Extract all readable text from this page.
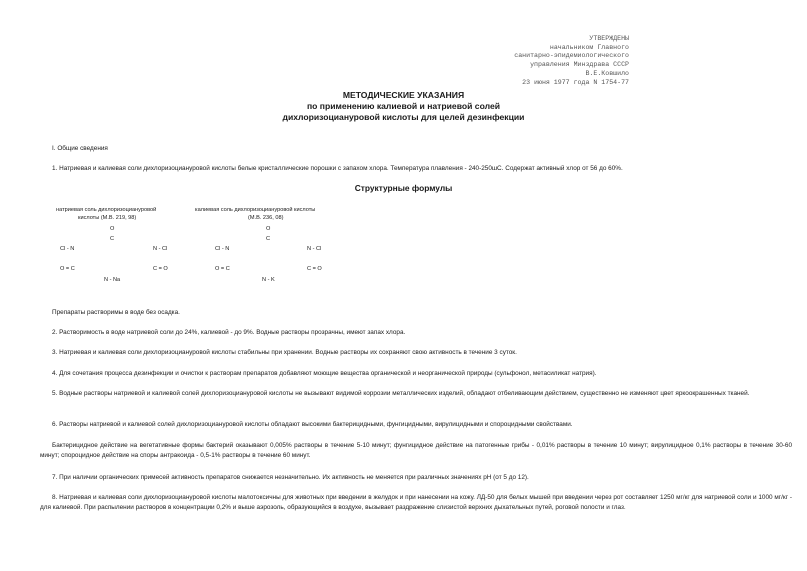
УТВЕРЖДЕНЫ
начальником Главного
санитарно-эпидемиологического
управления Минздрава СССР
В.Е.Ковшило
23 июня 1977 года N 1754-77
МЕТОДИЧЕСКИЕ УКАЗАНИЯ
по применению калиевой и натриевой солей
дихлоризоциануровой кислоты для целей дезинфекции
I. Общие сведения
1. Натриевая и калиевая соли дихлоризоциануровой кислоты белые кристаллические порошки с запахом хлора. Температура плавления - 240-250шС. Содержат активный хлор от 56 до 60%.
Структурные формулы
натриевая соль дихлоризоциануровой
кислоты (М.В. 219, 98)
O
C
Cl - N	N - Cl
O = C	C = O
N - Na
калиевая соль дихлоризоциануровой кислоты
(М.В. 236, 08)
O
C
Cl - N	N - Cl
O = C	C = O
N - K
Препараты растворимы в воде без осадка.
2. Растворимость в воде натриевой соли до 24%, калиевой - до 9%. Водные растворы прозрачны, имеют запах хлора.
3. Натриевая и калиевая соли дихлоризоциануровой кислоты стабильны при хранении. Водные растворы их сохраняют свою активность в течение 3 суток.
4. Для сочетания процесса дезинфекции и очистки к растворам препаратов добавляют моющие вещества органической и неорганической природы (сульфонол, метасиликат натрия).
5. Водные растворы натриевой и калиевой солей дихлоризоциануровой кислоты не вызывают видимой коррозии металлических изделий, обладают отбеливающим действием, существенно не изменяют цвет яркоокрашенных тканей.
6. Растворы натриевой и калиевой солей дихлоризоциануровой кислоты обладают высокими бактерицидными, фунгицидными, вирулицидными и спороцидными свойствами.
Бактерицидное действие на вегетативные формы бактерий оказывают 0,005% растворы в течение 5-10 минут; фунгицидное действие на патогенные грибы - 0,01% растворы в течение 10 минут; вирулицидное 0,1% растворы в течение 30-60 минут; спороцидное действие на споры антракоида - 0,5-1% растворы в течение 60 минут.
7. При наличии органических примесей активность препаратов снижается незначительно. Их активность не меняется при различных значениях pH (от 5 до 12).
8. Натриевая и калиевая соли дихлоризоциануровой кислоты малотоксичны для животных при введении в желудок и при нанесении на кожу. ЛД-50 для белых мышей при введении через рот составляет 1250 мг/кг для натриевой соли и 1000 мг/кг - для калиевой. При распылении растворов в концентрации 0,2% и выше аэрозоль, образующийся в воздухе, вызывает раздражение слизистой верхних дыхательных путей, роговой полости и глаз.
